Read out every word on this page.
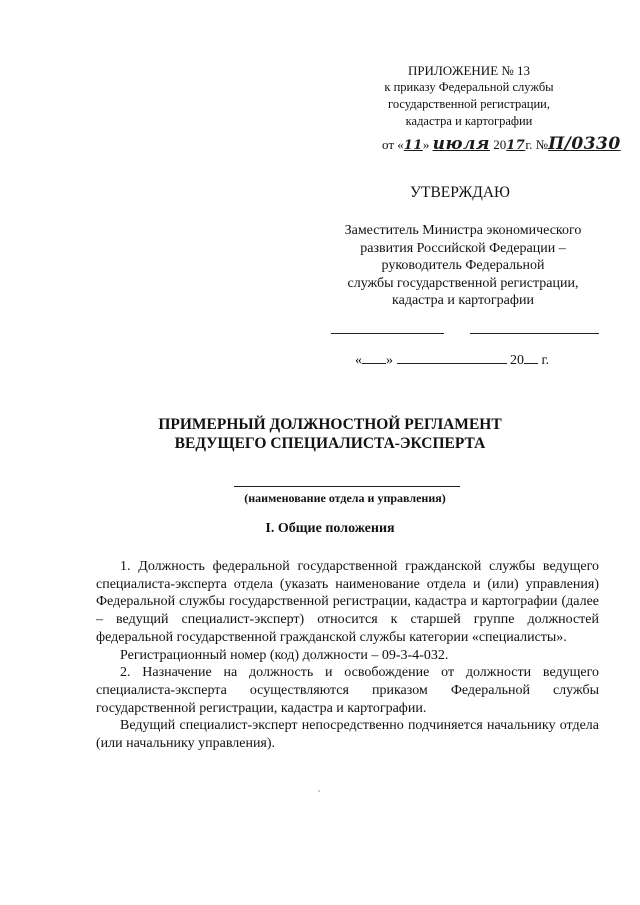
ПРИЛОЖЕНИЕ № 13
к приказу Федеральной службы
государственной регистрации,
кадастра и картографии
от «11» июля 2017г. №П/0330
УТВЕРЖДАЮ
Заместитель Министра экономического
развития Российской Федерации –
руководитель Федеральной
службы государственной регистрации,
кадастра и картографии
« »	20 г.
ПРИМЕРНЫЙ ДОЛЖНОСТНОЙ РЕГЛАМЕНТ
ВЕДУЩЕГО СПЕЦИАЛИСТА-ЭКСПЕРТА
(наименование отдела и управления)
I. Общие положения

1. Должность федеральной государственной гражданской службы ведущего специалиста-эксперта отдела (указать наименование отдела и (или) управления) Федеральной службы государственной регистрации, кадастра и картографии (далее – ведущий специалист-эксперт) относится к старшей группе должностей федеральной государственной гражданской службы категории «специалисты».

Регистрационный номер (код) должности – 09-3-4-032.

2. Назначение на должность и освобождение от должности ведущего специалиста-эксперта осуществляются приказом Федеральной службы государственной регистрации, кадастра и картографии.

Ведущий специалист-эксперт непосредственно подчиняется начальнику отдела (или начальнику управления).
